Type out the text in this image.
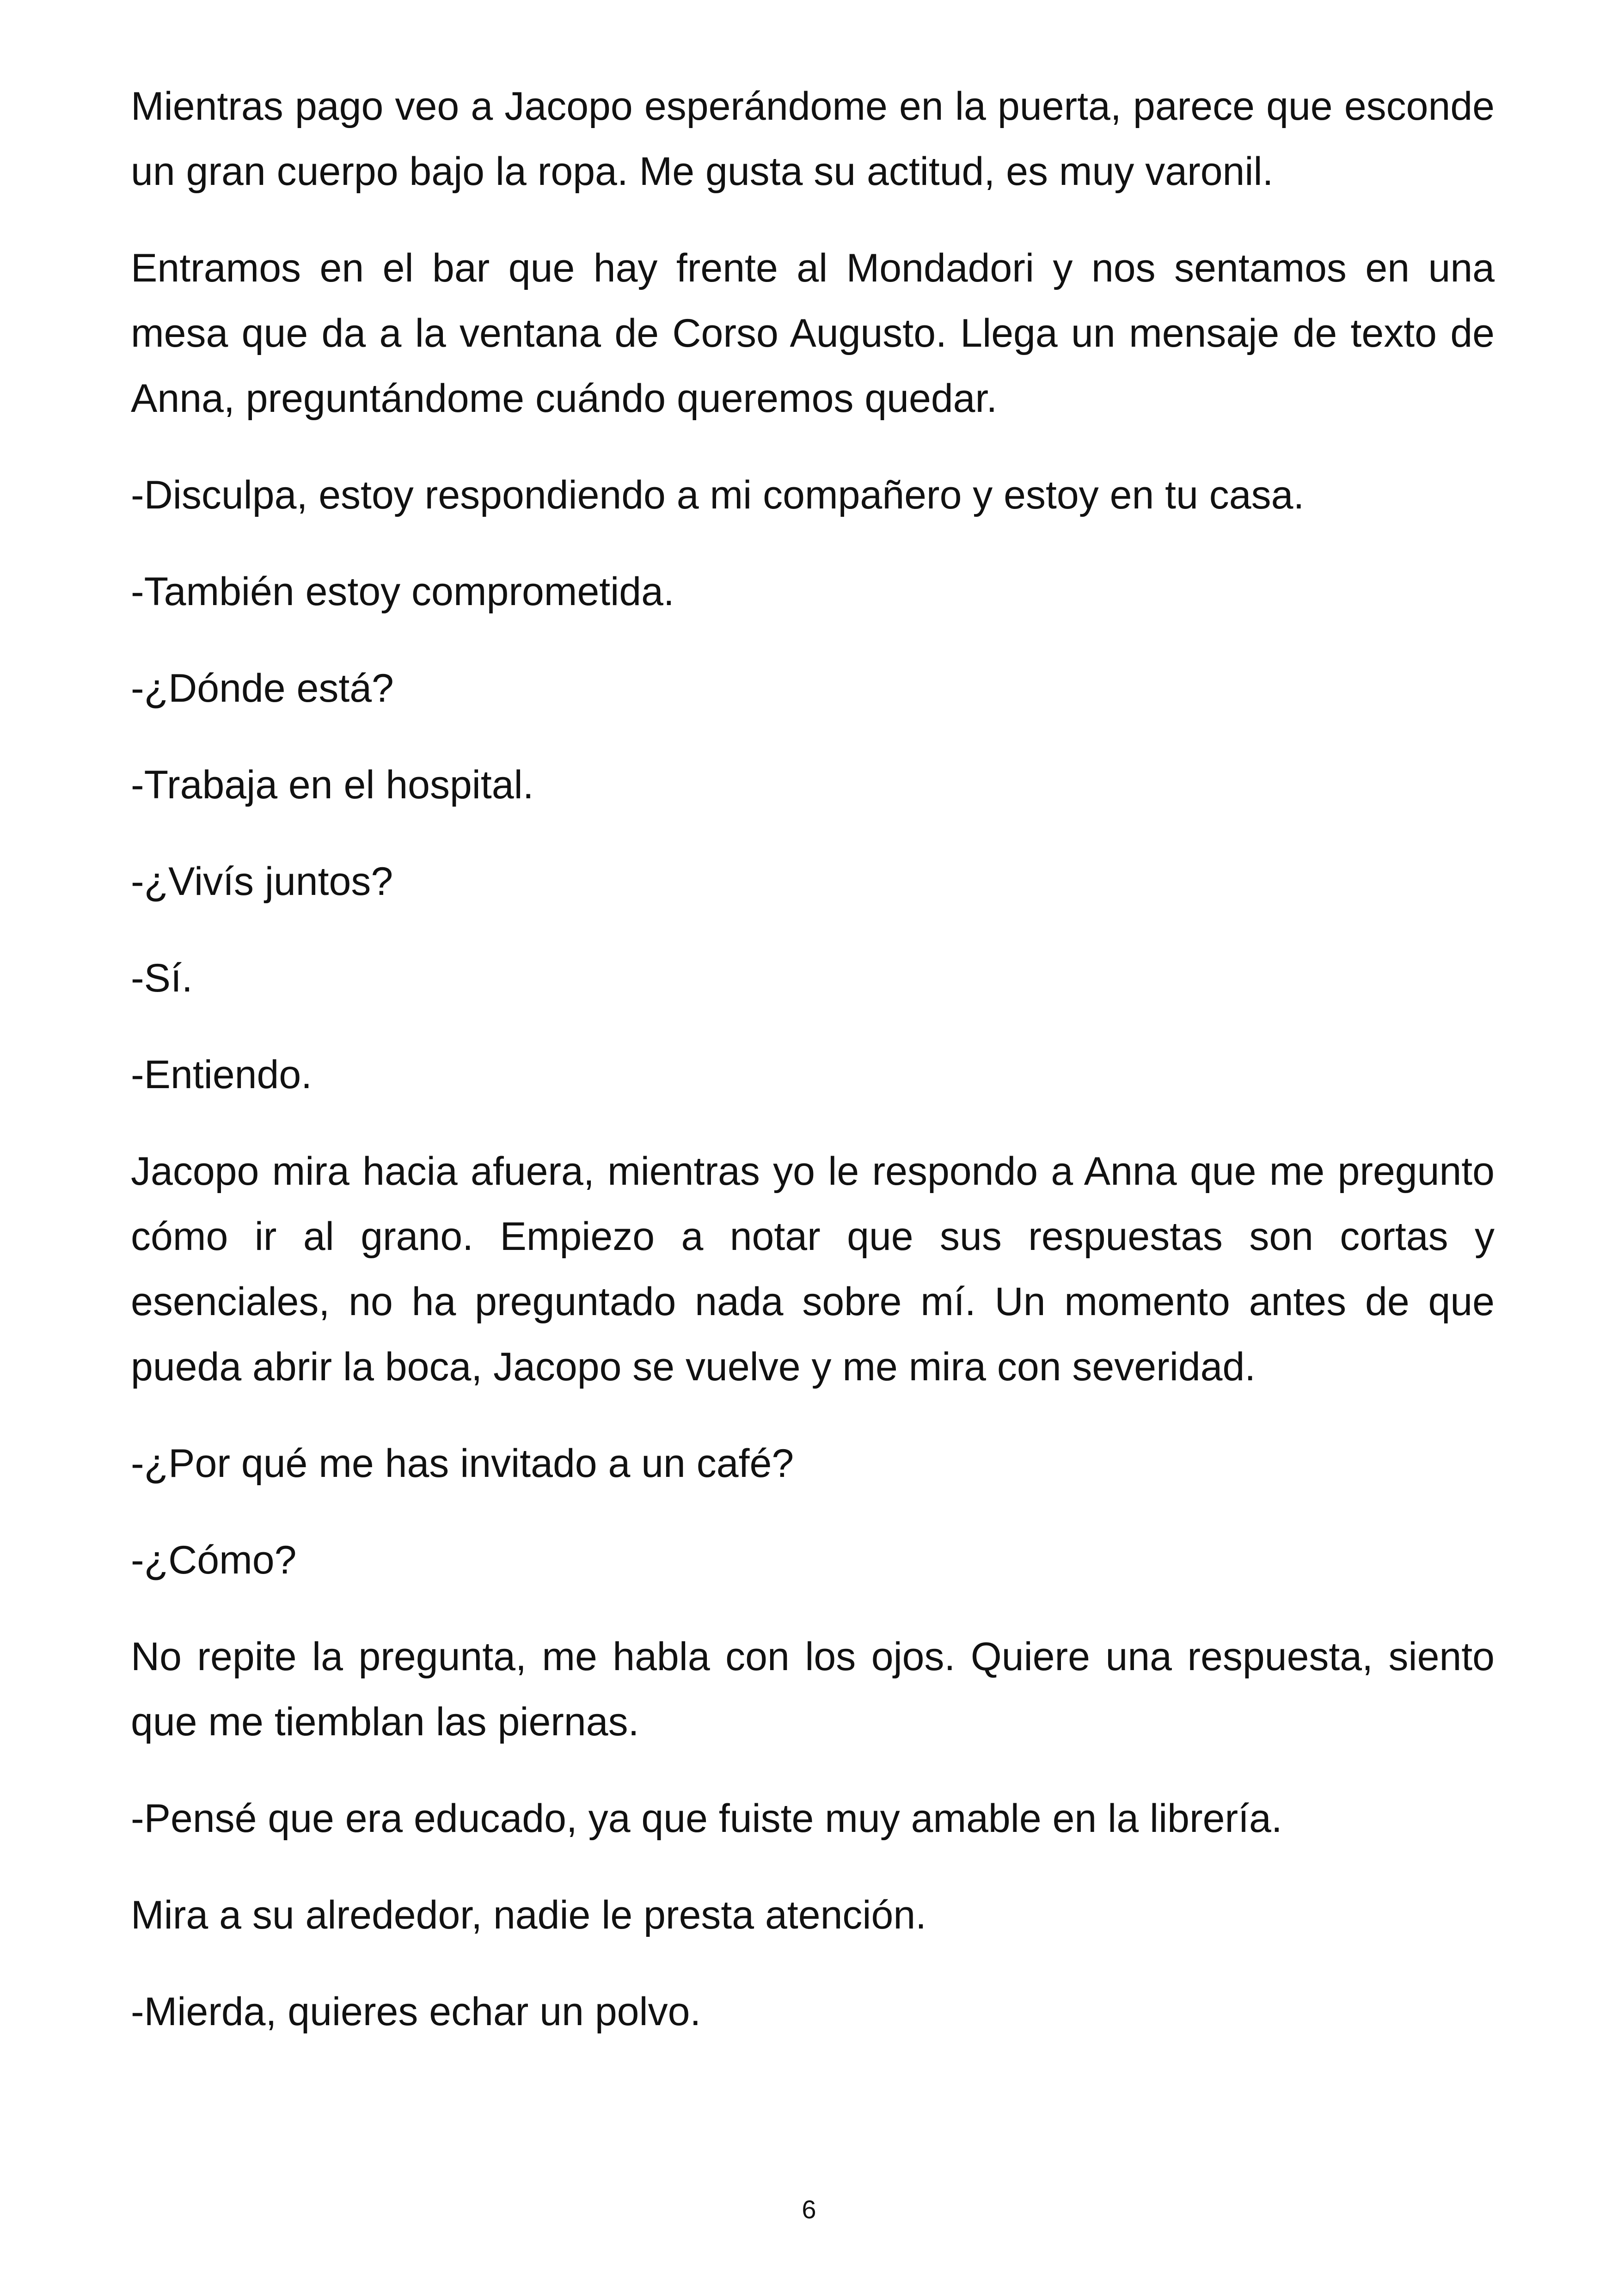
Mientras pago veo a Jacopo esperándome en la puerta, parece que esconde un gran cuerpo bajo la ropa. Me gusta su actitud, es muy varonil.

Entramos en el bar que hay frente al Mondadori y nos sentamos en una mesa que da a la ventana de Corso Augusto. Llega un mensaje de texto de Anna, preguntándome cuándo queremos quedar.

-Disculpa, estoy respondiendo a mi compañero y estoy en tu casa.

-También estoy comprometida.

-¿Dónde está?

-Trabaja en el hospital.

-¿Vivís juntos?

-Sí.

-Entiendo.

Jacopo mira hacia afuera, mientras yo le respondo a Anna que me pregunto cómo ir al grano. Empiezo a notar que sus respuestas son cortas y esenciales, no ha preguntado nada sobre mí. Un momento antes de que pueda abrir la boca, Jacopo se vuelve y me mira con severidad.

-¿Por qué me has invitado a un café?

-¿Cómo?

No repite la pregunta, me habla con los ojos. Quiere una respuesta, siento que me tiemblan las piernas.

-Pensé que era educado, ya que fuiste muy amable en la librería.

Mira a su alrededor, nadie le presta atención.

-Mierda, quieres echar un polvo.

6
